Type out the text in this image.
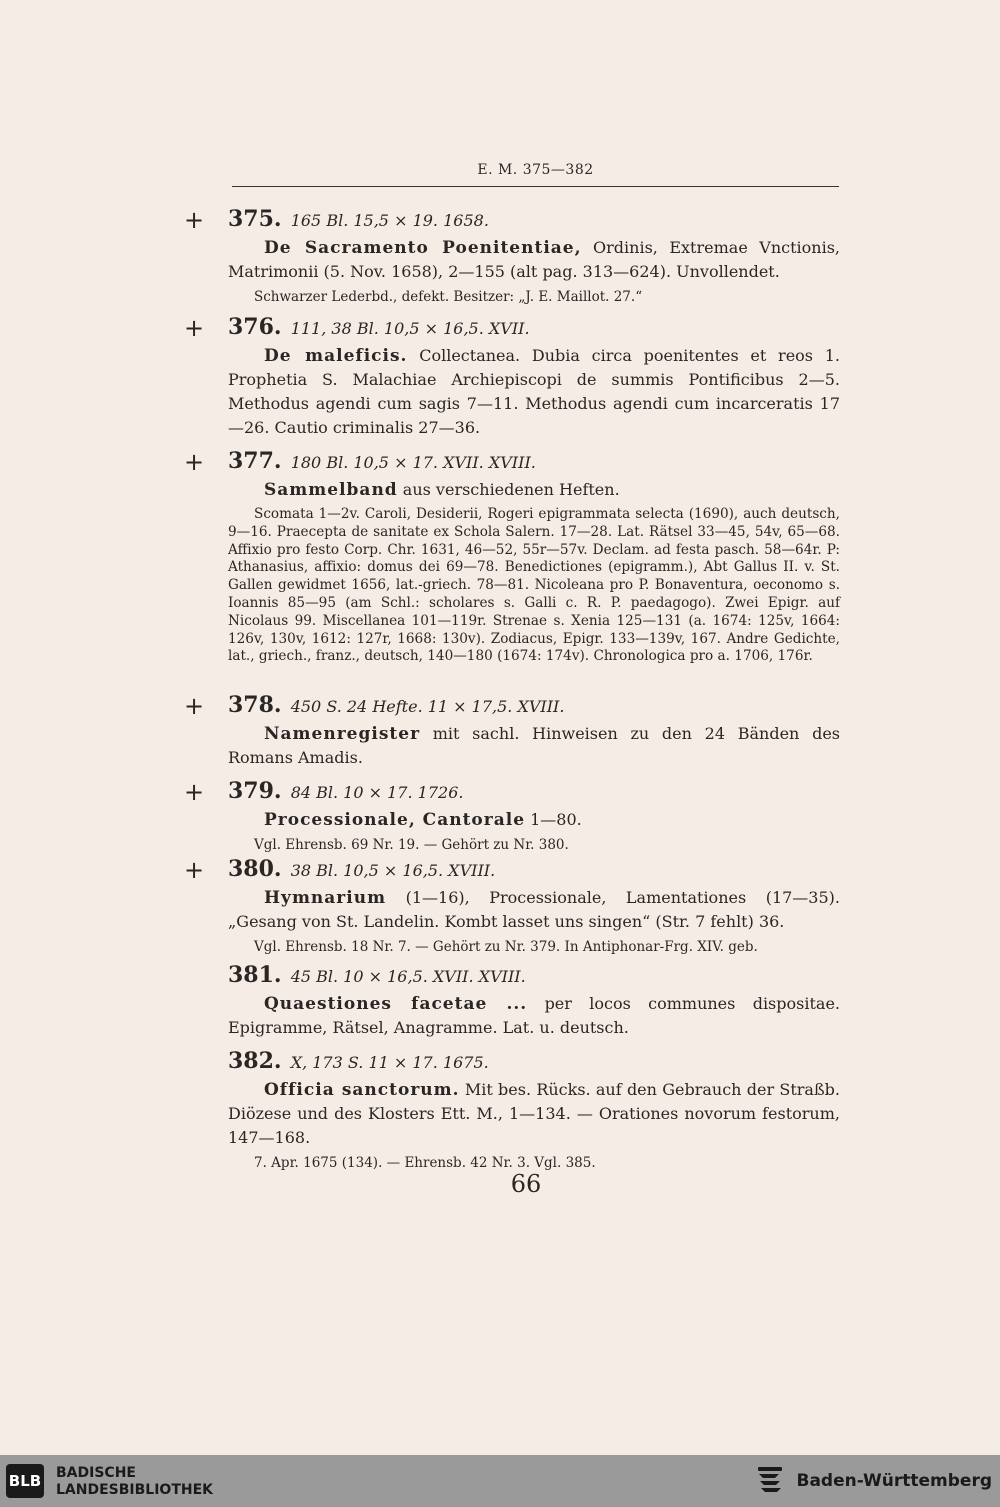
E. M. 375—382
+ 375. 165 Bl. 15,5 × 19. 1658.
De Sacramento Poenitentiae, Ordinis, Extremae Vnctionis, Matrimonii (5. Nov. 1658), 2—155 (alt pag. 313—624). Unvollendet.
Schwarzer Lederbd., defekt. Besitzer: „J. E. Maillot. 27.“
+ 376. 111, 38 Bl. 10,5 × 16,5. XVII.
De maleficis. Collectanea. Dubia circa poenitentes et reos 1. Prophetia S. Malachiae Archiepiscopi de summis Pontificibus 2—5. Methodus agendi cum sagis 7—11. Methodus agendi cum incarceratis 17—26. Cautio criminalis 27—36.
+ 377. 180 Bl. 10,5 × 17. XVII. XVIII.
Sammelband aus verschiedenen Heften.
Scomata 1—2v. Caroli, Desiderii, Rogeri epigrammata selecta (1690), auch deutsch, 9—16. Praecepta de sanitate ex Schola Salern. 17—28. Lat. Rätsel 33—45, 54v, 65—68. Affixio pro festo Corp. Chr. 1631, 46—52, 55r—57v. Declam. ad festa pasch. 58—64r. P: Athanasius, affixio: domus dei 69—78. Benedictiones (epigramm.), Abt Gallus II. v. St. Gallen gewidmet 1656, lat.-griech. 78—81. Nicoleana pro P. Bonaventura, oeconomo s. Ioannis 85—95 (am Schl.: scholares s. Galli c. R. P. paedagogo). Zwei Epigr. auf Nicolaus 99. Miscellanea 101—119r. Strenae s. Xenia 125—131 (a. 1674: 125v, 1664: 126v, 130v, 1612: 127r, 1668: 130v). Zodiacus, Epigr. 133—139v, 167. Andre Gedichte, lat., griech., franz., deutsch, 140—180 (1674: 174v). Chronologica pro a. 1706, 176r.
+ 378. 450 S. 24 Hefte. 11 × 17,5. XVIII.
Namenregister mit sachl. Hinweisen zu den 24 Bänden des Romans Amadis.
+ 379. 84 Bl. 10 × 17. 1726.
Processionale, Cantorale 1—80.
Vgl. Ehrensb. 69 Nr. 19. — Gehört zu Nr. 380.
+ 380. 38 Bl. 10,5 × 16,5. XVIII.
Hymnarium (1—16), Processionale, Lamentationes (17—35). „Gesang von St. Landelin. Kombt lasset uns singen“ (Str. 7 fehlt) 36.
Vgl. Ehrensb. 18 Nr. 7. — Gehört zu Nr. 379. In Antiphonar-Frg. XIV. geb.
381. 45 Bl. 10 × 16,5. XVII. XVIII.
Quaestiones facetae ... per locos communes dispositae. Epigramme, Rätsel, Anagramme. Lat. u. deutsch.
382. X, 173 S. 11 × 17. 1675.
Officia sanctorum. Mit bes. Rücks. auf den Gebrauch der Straßb. Diözese und des Klosters Ett. M., 1—134. — Orationes novorum festorum, 147—168.
7. Apr. 1675 (134). — Ehrensb. 42 Nr. 3. Vgl. 385.
66
BLB BADISCHE
LANDESBIBLIOTHEK	Baden-Württemberg
